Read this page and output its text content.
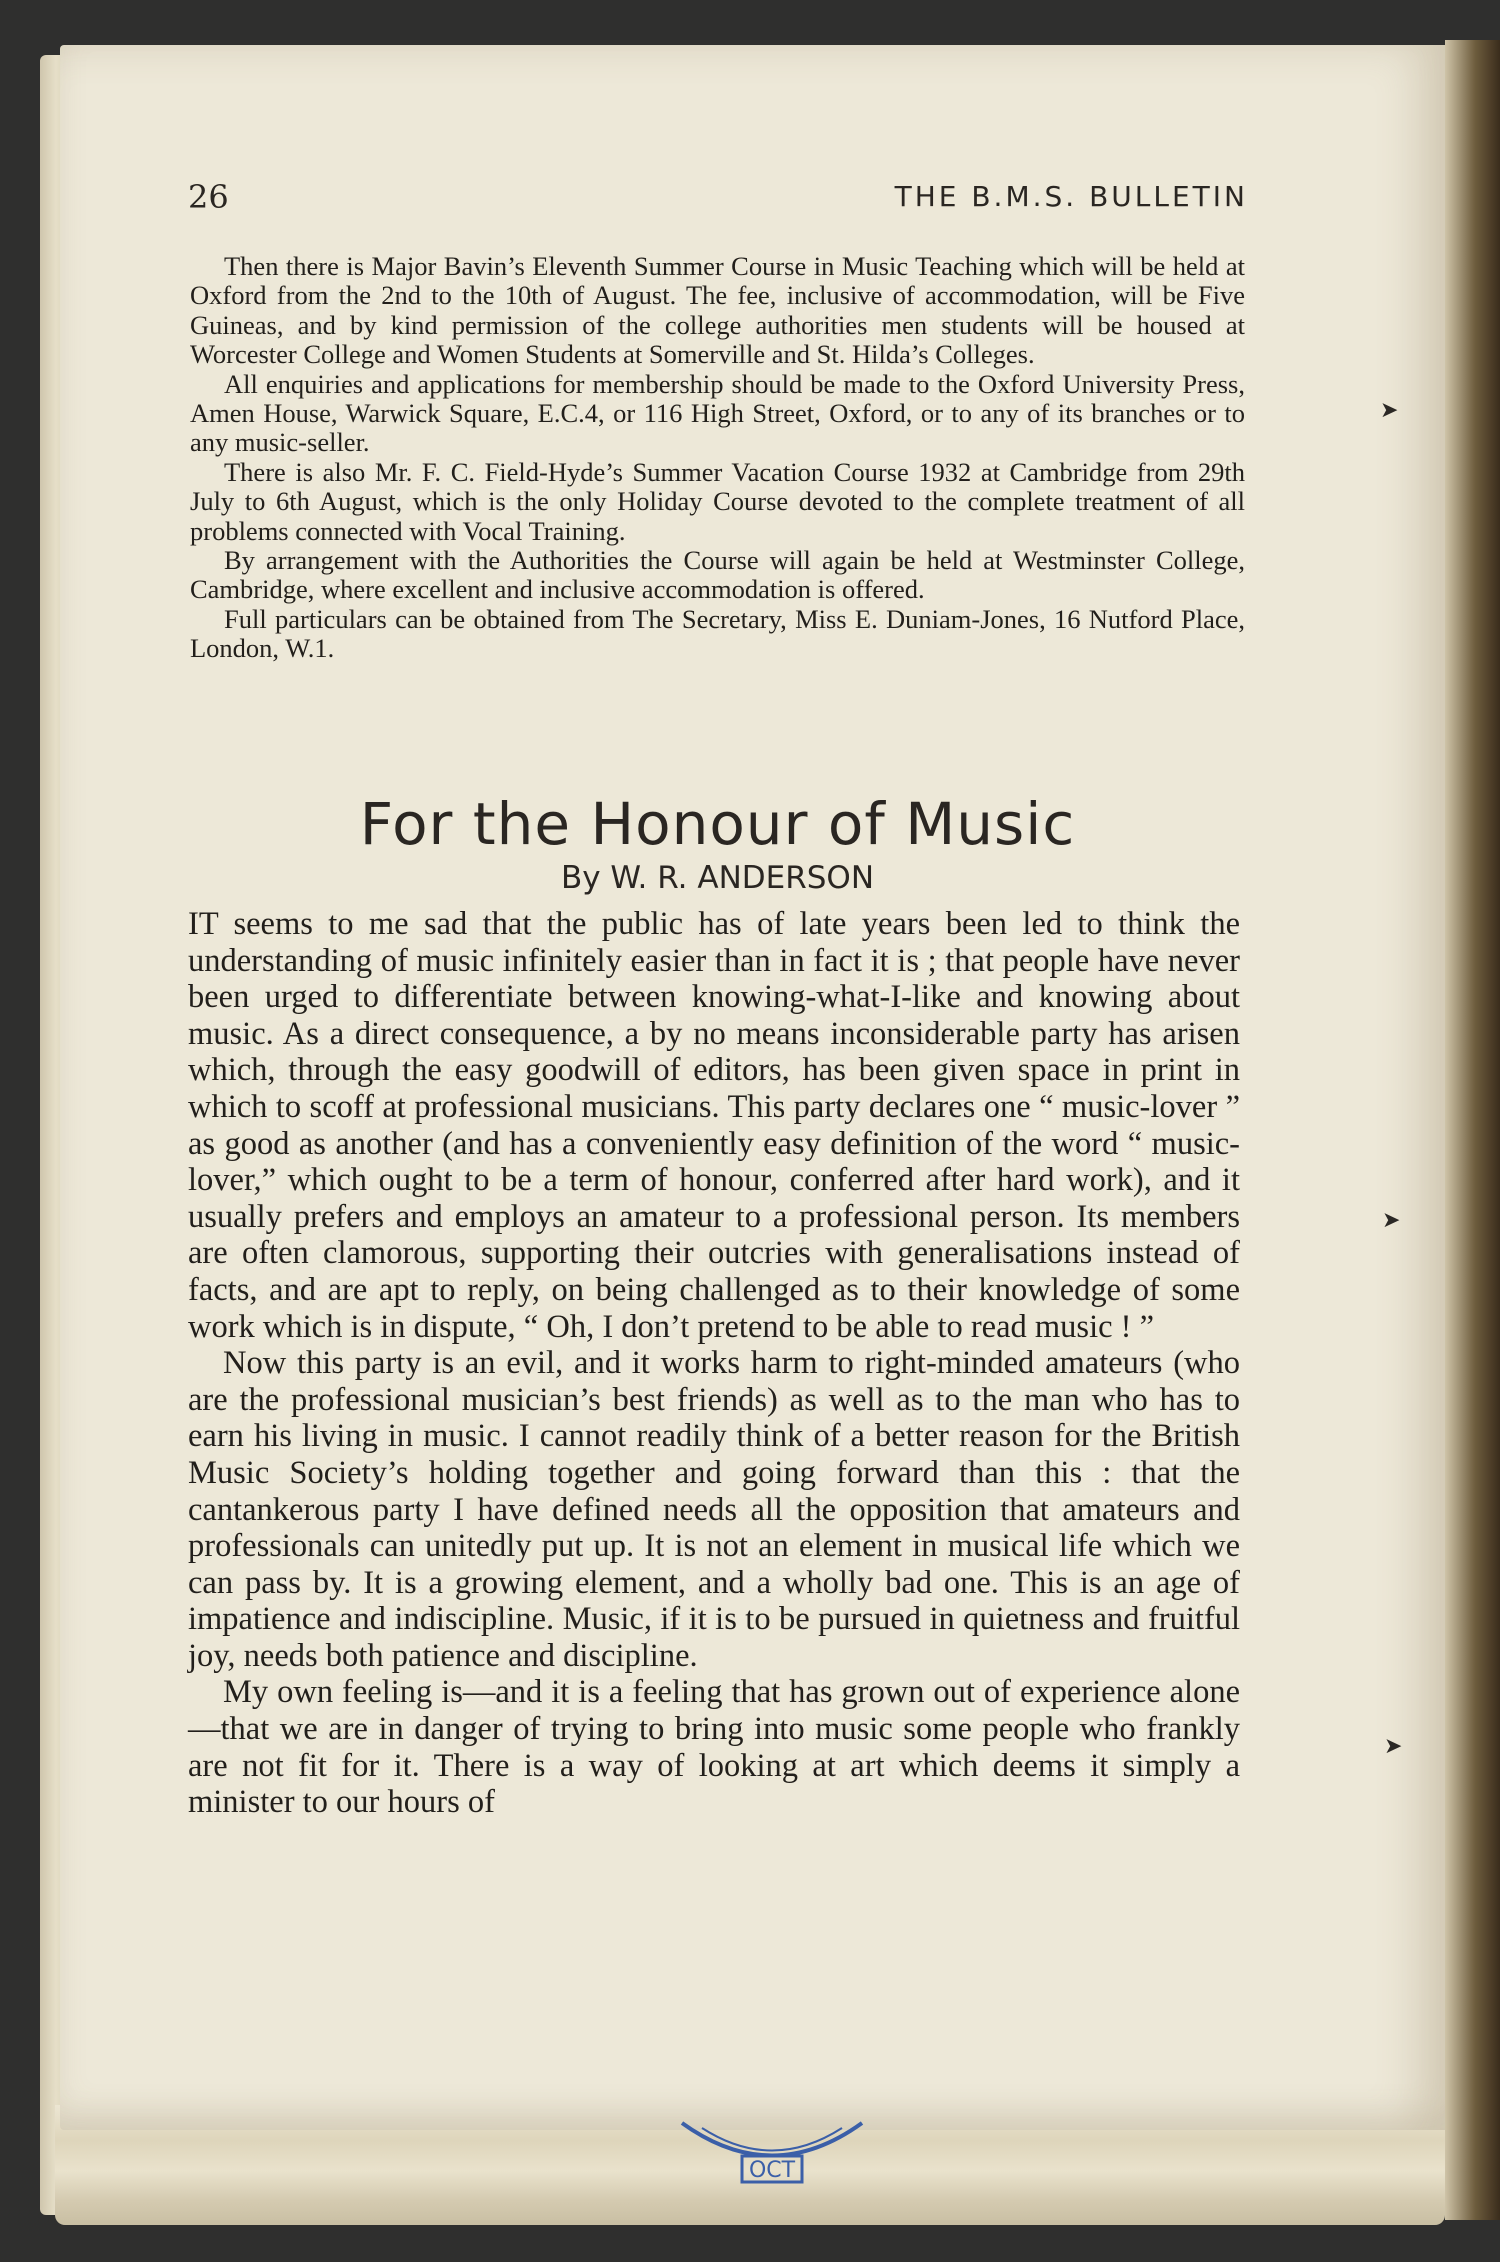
26	THE B.M.S. BULLETIN

Then there is Major Bavin’s Eleventh Summer Course in Music Teaching which will be held at Oxford from the 2nd to the 10th of August. The fee, inclusive of accommodation, will be Five Guineas, and by kind permission of the college authorities men students will be housed at Worcester College and Women Students at Somerville and St. Hilda’s Colleges.

All enquiries and applications for membership should be made to the Oxford University Press, Amen House, Warwick Square, E.C.4, or 116 High Street, Oxford, or to any of its branches or to any music-seller.

There is also Mr. F. C. Field-Hyde’s Summer Vacation Course 1932 at Cambridge from 29th July to 6th August, which is the only Holiday Course devoted to the complete treatment of all problems connected with Vocal Training.

By arrangement with the Authorities the Course will again be held at Westminster College, Cambridge, where excellent and inclusive accommodation is offered.

Full particulars can be obtained from The Secretary, Miss E. Duniam-Jones, 16 Nutford Place, London, W.1.

For the Honour of Music
By W. R. ANDERSON

IT seems to me sad that the public has of late years been led to think the understanding of music infinitely easier than in fact it is ; that people have never been urged to differentiate between knowing-what-I-like and knowing about music. As a direct consequence, a by no means inconsiderable party has arisen which, through the easy goodwill of editors, has been given space in print in which to scoff at professional musicians. This party declares one “ music-lover ” as good as another (and has a conveniently easy definition of the word “ music-lover,” which ought to be a term of honour, conferred after hard work), and it usually prefers and employs an amateur to a professional person. Its members are often clamorous, supporting their outcries with generalisations instead of facts, and are apt to reply, on being challenged as to their knowledge of some work which is in dispute, “ Oh, I don’t pretend to be able to read music ! ”

Now this party is an evil, and it works harm to right-minded amateurs (who are the professional musician’s best friends) as well as to the man who has to earn his living in music. I cannot readily think of a better reason for the British Music Society’s holding together and going forward than this : that the cantankerous party I have defined needs all the opposition that amateurs and professionals can unitedly put up. It is not an element in musical life which we can pass by. It is a growing element, and a wholly bad one. This is an age of impatience and indiscipline. Music, if it is to be pursued in quietness and fruitful joy, needs both patience and discipline.

My own feeling is—and it is a feeling that has grown out of experience alone—that we are in danger of trying to bring into music some people who frankly are not fit for it. There is a way of looking at art which deems it simply a minister to our hours of

➤
➤
➤
OCT
